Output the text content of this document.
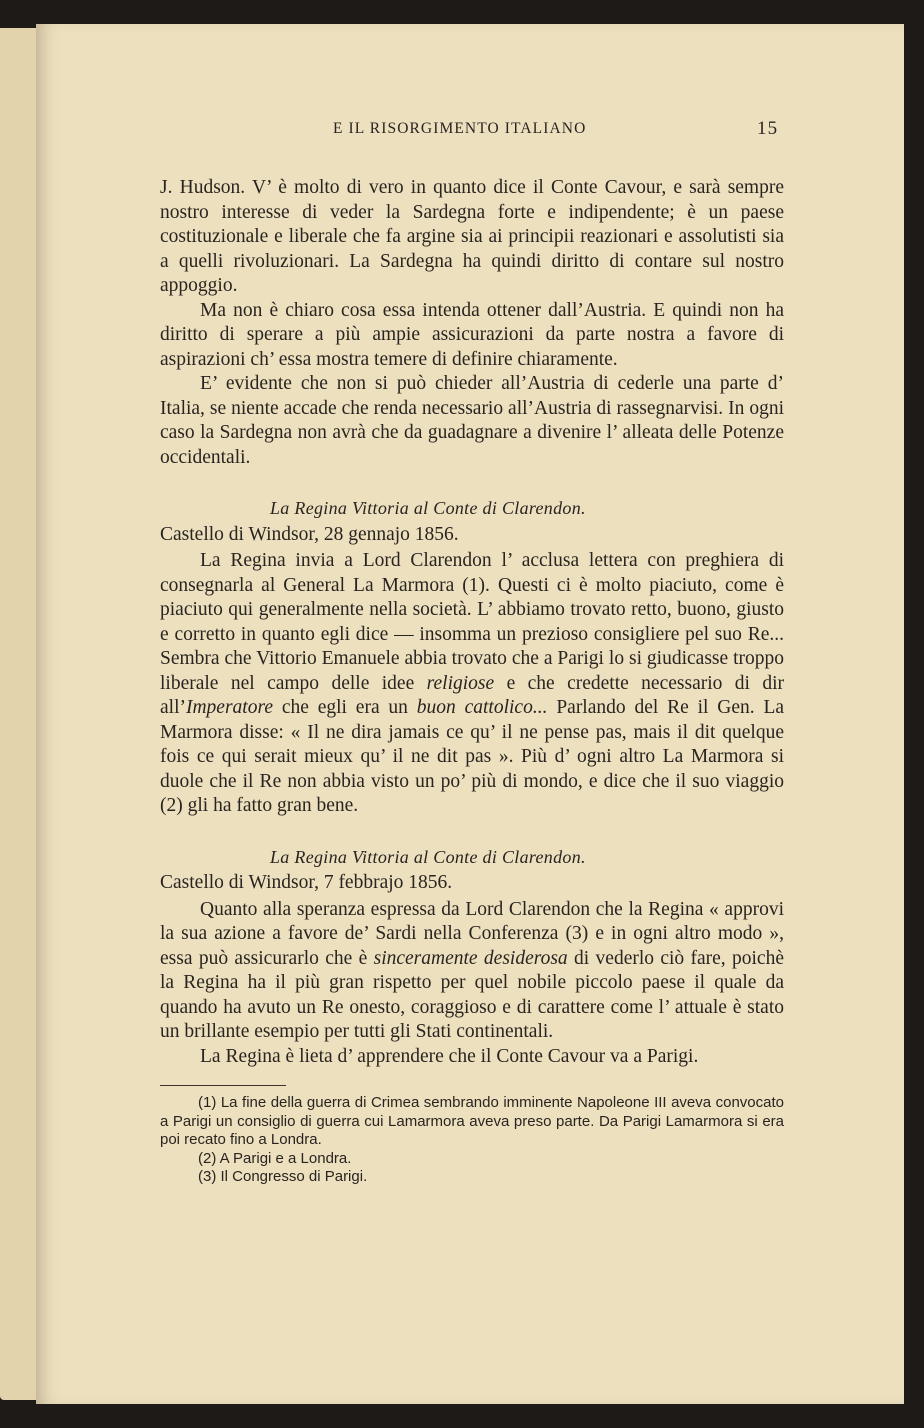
E IL RISORGIMENTO ITALIANO	15

J. Hudson. V’ è molto di vero in quanto dice il Conte Cavour, e sarà sempre nostro interesse di veder la Sardegna forte e indipendente; è un paese costituzionale e liberale che fa argine sia ai principii reazionari e assolutisti sia a quelli rivoluzionari. La Sardegna ha quindi diritto di contare sul nostro appoggio.

Ma non è chiaro cosa essa intenda ottener dall’Austria. E quindi non ha diritto di sperare a più ampie assicurazioni da parte nostra a favore di aspirazioni ch’ essa mostra temere di definire chiaramente.

E’ evidente che non si può chieder all’Austria di cederle una parte d’ Italia, se niente accade che renda necessario all’Austria di rassegnarvisi. In ogni caso la Sardegna non avrà che da guadagnare a divenire l’ alleata delle Potenze occidentali.

La Regina Vittoria al Conte di Clarendon.

Castello di Windsor, 28 gennajo 1856.

La Regina invia a Lord Clarendon l’ acclusa lettera con preghiera di consegnarla al General La Marmora (1). Questi ci è molto piaciuto, come è piaciuto qui generalmente nella società. L’ abbiamo trovato retto, buono, giusto e corretto in quanto egli dice — insomma un prezioso consigliere pel suo Re... Sembra che Vittorio Emanuele abbia trovato che a Parigi lo si giudicasse troppo liberale nel campo delle idee religiose e che credette necessario di dir all’Imperatore che egli era un buon cattolico... Parlando del Re il Gen. La Marmora disse: « Il ne dira jamais ce qu’ il ne pense pas, mais il dit quelque fois ce qui serait mieux qu’ il ne dit pas ». Più d’ ogni altro La Marmora si duole che il Re non abbia visto un po’ più di mondo, e dice che il suo viaggio (2) gli ha fatto gran bene.

La Regina Vittoria al Conte di Clarendon.

Castello di Windsor, 7 febbrajo 1856.

Quanto alla speranza espressa da Lord Clarendon che la Regina « approvi la sua azione a favore de’ Sardi nella Conferenza (3) e in ogni altro modo », essa può assicurarlo che è sinceramente desiderosa di vederlo ciò fare, poichè la Regina ha il più gran rispetto per quel nobile piccolo paese il quale da quando ha avuto un Re onesto, coraggioso e di carattere come l’ attuale è stato un brillante esempio per tutti gli Stati continentali.

La Regina è lieta d’ apprendere che il Conte Cavour va a Parigi.

(1) La fine della guerra di Crimea sembrando imminente Napoleone III aveva convocato a Parigi un consiglio di guerra cui Lamarmora aveva preso parte. Da Parigi Lamarmora si era poi recato fino a Londra.

(2) A Parigi e a Londra.

(3) Il Congresso di Parigi.
